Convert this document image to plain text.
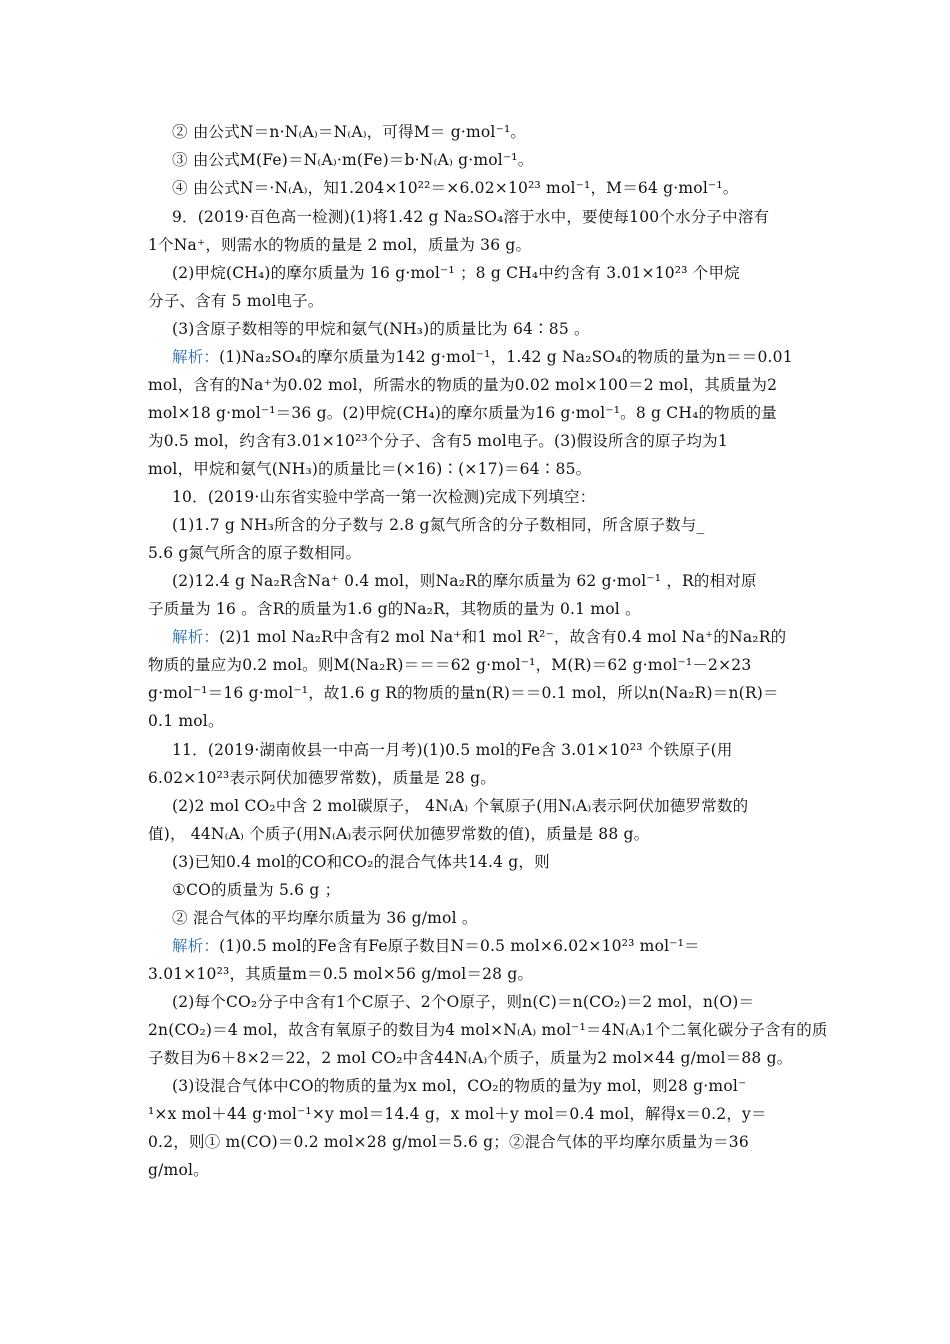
② 由公式N＝n·N₍A₎＝N₍A₎，可得M＝ g·mol⁻¹。
③ 由公式M(Fe)＝N₍A₎·m(Fe)＝b·N₍A₎ g·mol⁻¹。
④ 由公式N＝·N₍A₎，知1.204×10²²＝×6.02×10²³ mol⁻¹，M＝64 g·mol⁻¹。
9．(2019·百色高一检测)(1)将1.42 g Na₂SO₄溶于水中，要使每100个水分子中溶有
1个Na⁺，则需水的物质的量是 2 mol，质量为 36 g。
(2)甲烷(CH₄)的摩尔质量为 16 g·mol⁻¹ ；8 g CH₄中约含有 3.01×10²³ 个甲烷
分子、含有 5 mol电子。
(3)含原子数相等的甲烷和氨气(NH₃)的质量比为 64∶85 。
解析：(1)Na₂SO₄的摩尔质量为142 g·mol⁻¹，1.42 g Na₂SO₄的物质的量为n＝＝0.01
mol，含有的Na⁺为0.02 mol，所需水的物质的量为0.02 mol×100＝2 mol，其质量为2
mol×18 g·mol⁻¹＝36 g。(2)甲烷(CH₄)的摩尔质量为16 g·mol⁻¹。8 g CH₄的物质的量
为0.5 mol，约含有3.01×10²³个分子、含有5 mol电子。(3)假设所含的原子均为1
mol，甲烷和氨气(NH₃)的质量比＝(×16)∶(×17)＝64∶85。
10．(2019·山东省实验中学高一第一次检测)完成下列填空：
(1)1.7 g NH₃所含的分子数与 2.8 g氮气所含的分子数相同，所含原子数与_
5.6 g氮气所含的原子数相同。
(2)12.4 g Na₂R含Na⁺ 0.4 mol，则Na₂R的摩尔质量为 62 g·mol⁻¹ ，R的相对原
子质量为 16 。含R的质量为1.6 g的Na₂R，其物质的量为 0.1 mol 。
解析：(2)1 mol Na₂R中含有2 mol Na⁺和1 mol R²⁻，故含有0.4 mol Na⁺的Na₂R的
物质的量应为0.2 mol。则M(Na₂R)＝＝＝62 g·mol⁻¹，M(R)＝62 g·mol⁻¹－2×23
g·mol⁻¹＝16 g·mol⁻¹，故1.6 g R的物质的量n(R)＝＝0.1 mol，所以n(Na₂R)＝n(R)＝
0.1 mol。
11．(2019·湖南攸县一中高一月考)(1)0.5 mol的Fe含 3.01×10²³ 个铁原子(用
6.02×10²³表示阿伏加德罗常数)，质量是 28 g。
(2)2 mol CO₂中含 2 mol碳原子， 4N₍A₎ 个氧原子(用N₍A₎表示阿伏加德罗常数的
值)， 44N₍A₎ 个质子(用N₍A₎表示阿伏加德罗常数的值)，质量是 88 g。
(3)已知0.4 mol的CO和CO₂的混合气体共14.4 g，则
①CO的质量为 5.6 g ；
② 混合气体的平均摩尔质量为 36 g/mol 。
解析：(1)0.5 mol的Fe含有Fe原子数目N＝0.5 mol×6.02×10²³ mol⁻¹＝
3.01×10²³，其质量m＝0.5 mol×56 g/mol＝28 g。
(2)每个CO₂分子中含有1个C原子、2个O原子，则n(C)＝n(CO₂)＝2 mol，n(O)＝
2n(CO₂)＝4 mol，故含有氧原子的数目为4 mol×N₍A₎ mol⁻¹＝4N₍A₎1个二氧化碳分子含有的质
子数目为6＋8×2＝22，2 mol CO₂中含44N₍A₎个质子，质量为2 mol×44 g/mol＝88 g。
(3)设混合气体中CO的物质的量为x mol，CO₂的物质的量为y mol，则28 g·mol⁻
¹×x mol＋44 g·mol⁻¹×y mol＝14.4 g，x mol＋y mol＝0.4 mol，解得x＝0.2，y＝
0.2，则① m(CO)＝0.2 mol×28 g/mol＝5.6 g；②混合气体的平均摩尔质量为＝36
g/mol。
